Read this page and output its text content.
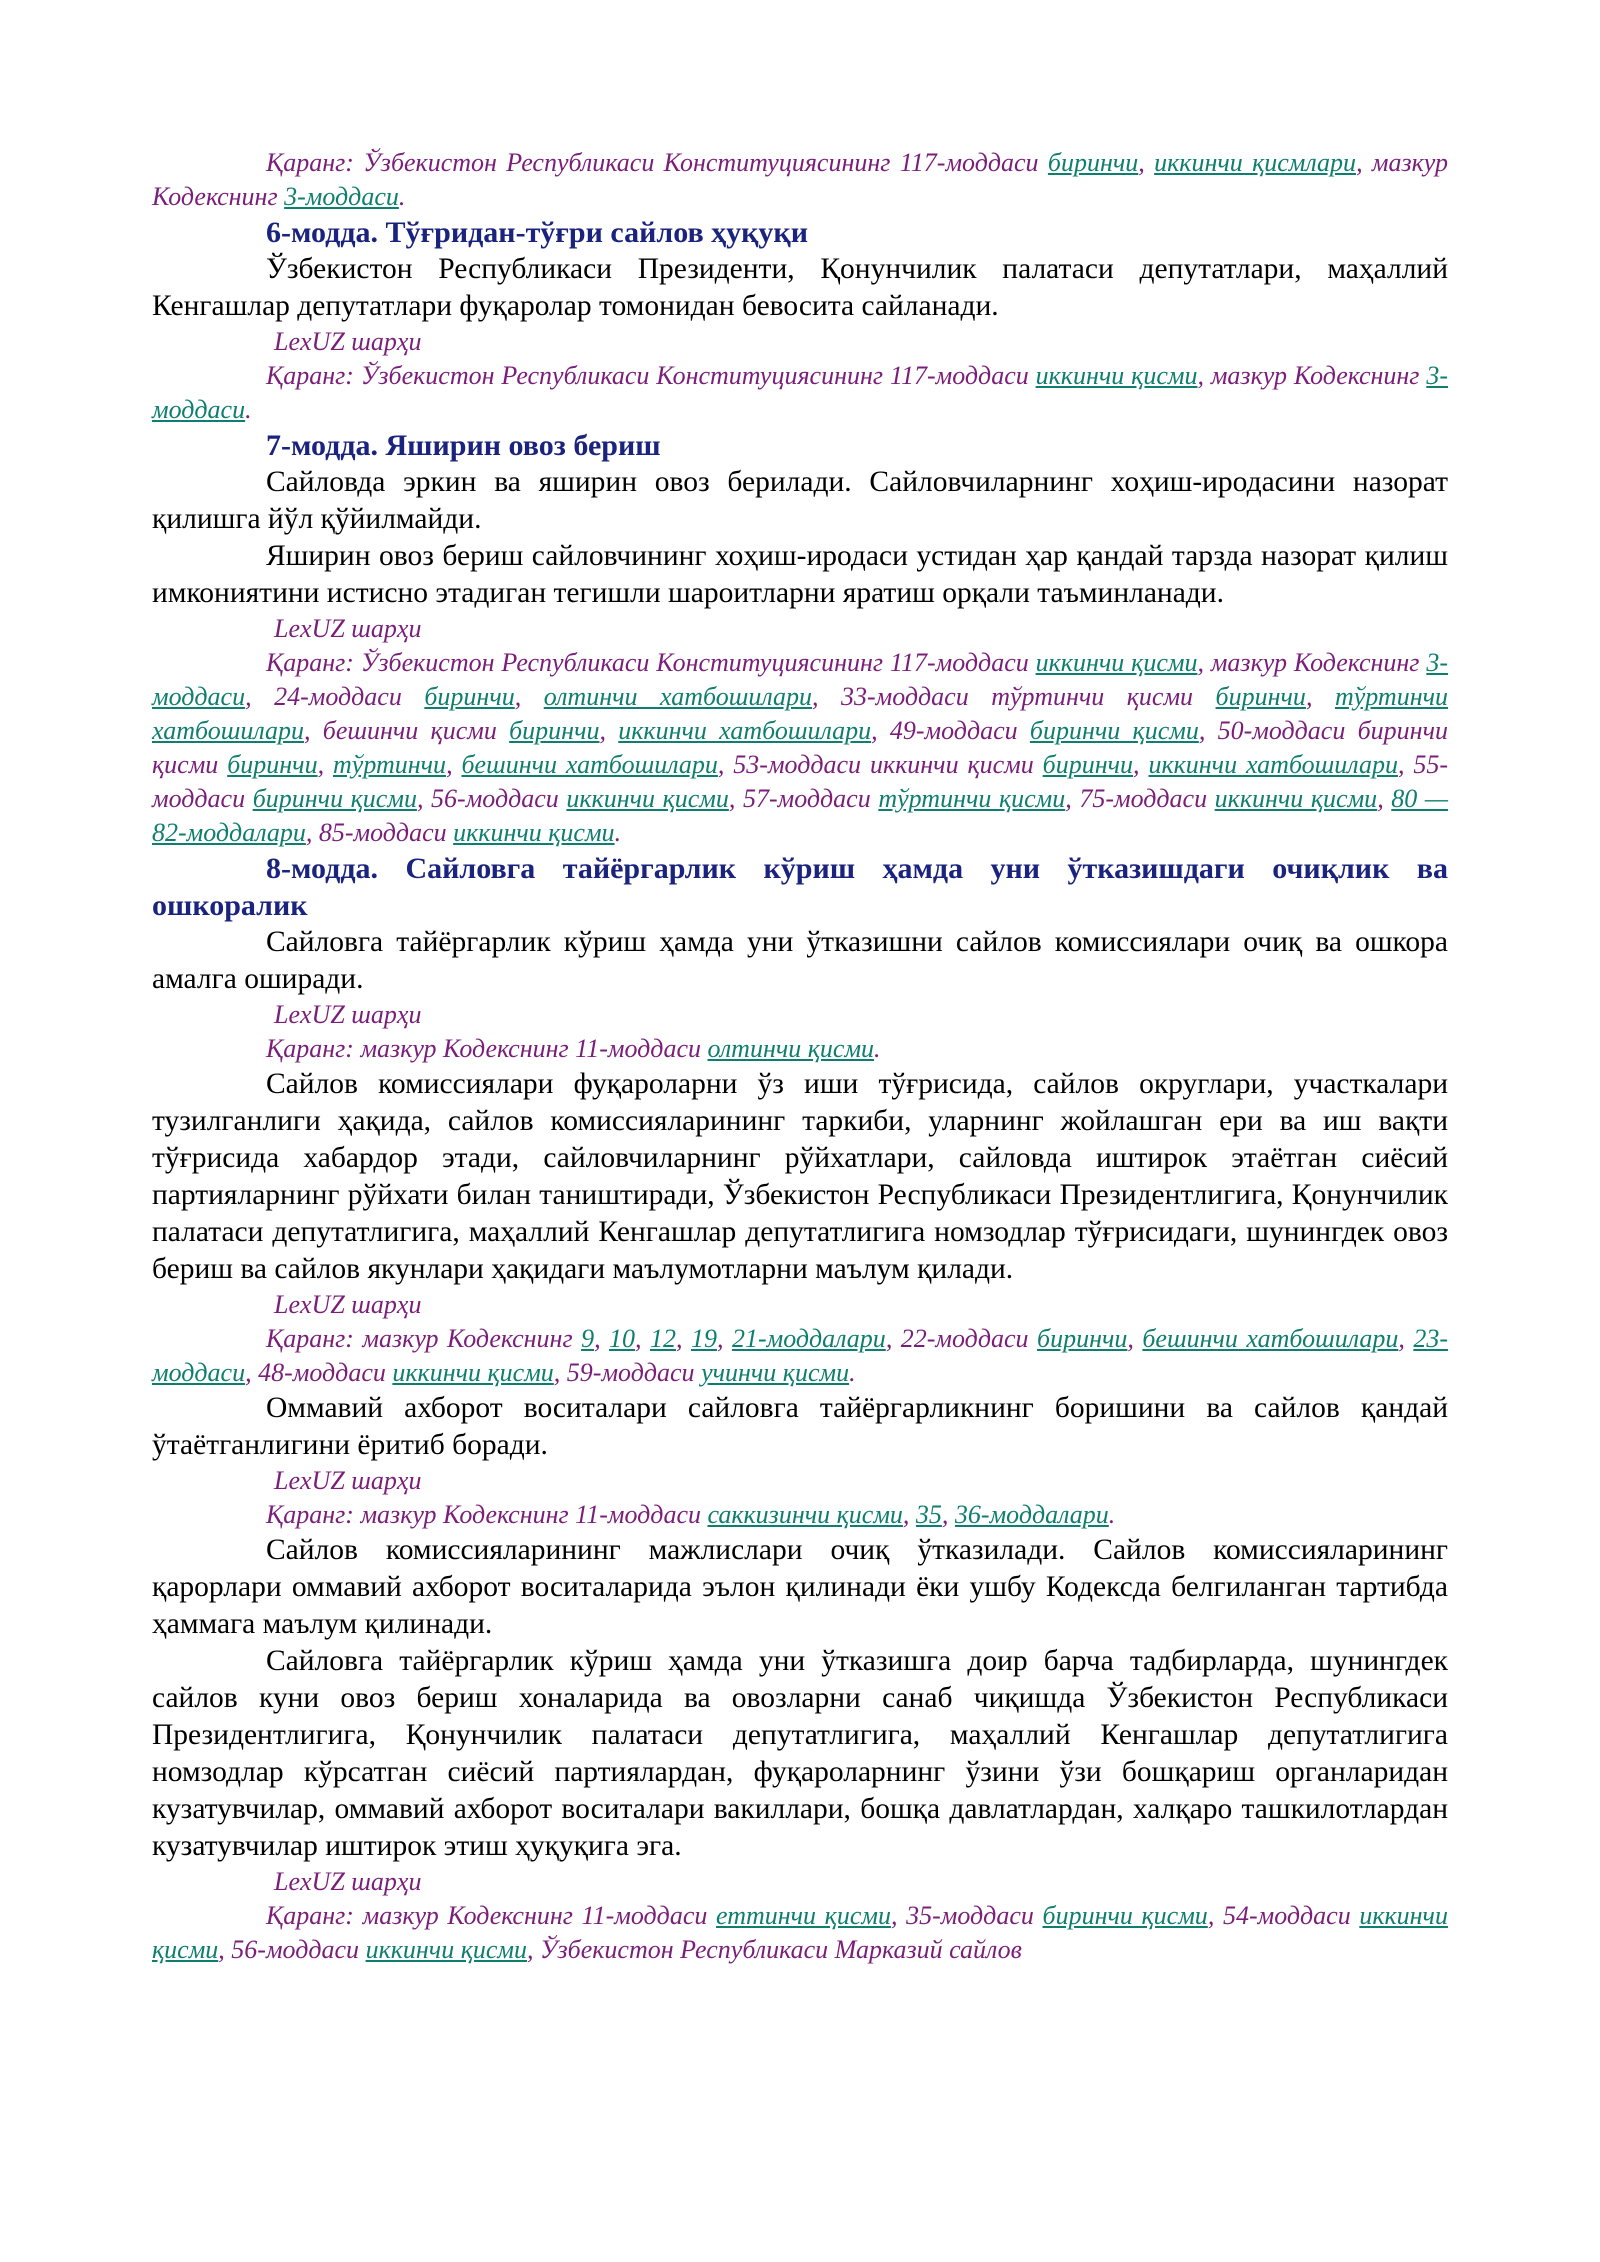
Қаранг: Ўзбекистон Республикаси Конституциясининг 117-моддаси биринчи, иккинчи қисмлари, мазкур Кодекснинг 3-моддаси.

6-модда. Тўғридан-тўғри сайлов ҳуқуқи

Ўзбекистон Республикаси Президенти, Қонунчилик палатаси депутатлари, маҳаллий Кенгашлар депутатлари фуқаролар томонидан бевосита сайланади.

LexUZ шарҳи

Қаранг: Ўзбекистон Республикаси Конституциясининг 117-моддаси иккинчи қисми, мазкур Кодекснинг 3-моддаси.

7-модда. Яширин овоз бериш

Сайловда эркин ва яширин овоз берилади. Сайловчиларнинг хоҳиш-иродасини назорат қилишга йўл қўйилмайди.

Яширин овоз бериш сайловчининг хоҳиш-иродаси устидан ҳар қандай тарзда назорат қилиш имкониятини истисно этадиган тегишли шароитларни яратиш орқали таъминланади.

LexUZ шарҳи

Қаранг: Ўзбекистон Республикаси Конституциясининг 117-моддаси иккинчи қисми, мазкур Кодекснинг 3-моддаси, 24-моддаси биринчи, олтинчи хатбошилари, 33-моддаси тўртинчи қисми биринчи, тўртинчи хатбошилари, бешинчи қисми биринчи, иккинчи хатбошилари, 49-моддаси биринчи қисми, 50-моддаси биринчи қисми биринчи, тўртинчи, бешинчи хатбошилари, 53-моддаси иккинчи қисми биринчи, иккинчи хатбошилари, 55-моддаси биринчи қисми, 56-моддаси иккинчи қисми, 57-моддаси тўртинчи қисми, 75-моддаси иккинчи қисми, 80 — 82-моддалари, 85-моддаси иккинчи қисми.

8-модда. Сайловга тайёргарлик кўриш ҳамда уни ўтказишдаги очиқлик ва ошкоралик

Сайловга тайёргарлик кўриш ҳамда уни ўтказишни сайлов комиссиялари очиқ ва ошкора амалга оширади.

LexUZ шарҳи

Қаранг: мазкур Кодекснинг 11-моддаси олтинчи қисми.

Сайлов комиссиялари фуқароларни ўз иши тўғрисида, сайлов округлари, участкалари тузилганлиги ҳақида, сайлов комиссияларининг таркиби, уларнинг жойлашган ери ва иш вақти тўғрисида хабардор этади, сайловчиларнинг рўйхатлари, сайловда иштирок этаётган сиёсий партияларнинг рўйхати билан таништиради, Ўзбекистон Республикаси Президентлигига, Қонунчилик палатаси депутатлигига, маҳаллий Кенгашлар депутатлигига номзодлар тўғрисидаги, шунингдек овоз бериш ва сайлов якунлари ҳақидаги маълумотларни маълум қилади.

LexUZ шарҳи

Қаранг: мазкур Кодекснинг 9, 10, 12, 19, 21-моддалари, 22-моддаси биринчи, бешинчи хатбошилари, 23-моддаси, 48-моддаси иккинчи қисми, 59-моддаси учинчи қисми.

Оммавий ахборот воситалари сайловга тайёргарликнинг боришини ва сайлов қандай ўтаётганлигини ёритиб боради.

LexUZ шарҳи

Қаранг: мазкур Кодекснинг 11-моддаси саккизинчи қисми, 35, 36-моддалари.

Сайлов комиссияларининг мажлислари очиқ ўтказилади. Сайлов комиссияларининг қарорлари оммавий ахборот воситаларида эълон қилинади ёки ушбу Кодексда белгиланган тартибда ҳаммага маълум қилинади.

Сайловга тайёргарлик кўриш ҳамда уни ўтказишга доир барча тадбирларда, шунингдек сайлов куни овоз бериш хоналарида ва овозларни санаб чиқишда Ўзбекистон Республикаси Президентлигига, Қонунчилик палатаси депутатлигига, маҳаллий Кенгашлар депутатлигига номзодлар кўрсатган сиёсий партиялардан, фуқароларнинг ўзини ўзи бошқариш органларидан кузатувчилар, оммавий ахборот воситалари вакиллари, бошқа давлатлардан, халқаро ташкилотлардан кузатувчилар иштирок этиш ҳуқуқига эга.

LexUZ шарҳи

Қаранг: мазкур Кодекснинг 11-моддаси еттинчи қисми, 35-моддаси биринчи қисми, 54-моддаси иккинчи қисми, 56-моддаси иккинчи қисми, Ўзбекистон Республикаси Марказий сайлов
